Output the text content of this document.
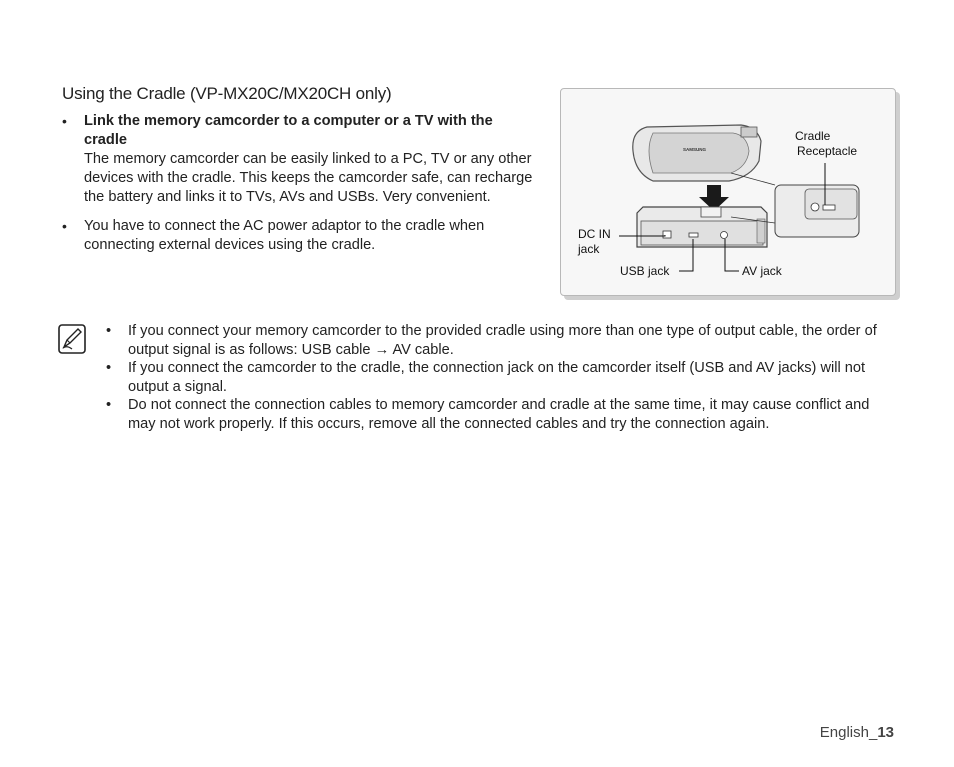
Using the Cradle (VP-MX20C/MX20CH only)
• Link the memory camcorder to a computer or a TV with the cradle
The memory camcorder can be easily linked to a PC, TV or any other devices with the cradle. This keeps the camcorder safe, can recharge the battery and links it to TVs, AVs and USBs. Very convenient.
• You have to connect the AC power adaptor to the cradle when connecting external devices using the cradle.
SAMSUNG
Cradle
Receptacle
DC IN
jack
USB jack	AV jack
• If you connect your memory camcorder to the provided cradle using more than one type of output cable, the order of output signal is as follows: USB cable → AV cable.
• If you connect the camcorder to the cradle, the connection jack on the camcorder itself (USB and AV jacks) will not output a signal.
• Do not connect the connection cables to memory camcorder and cradle at the same time, it may cause conflict and may not work properly. If this occurs, remove all the connected cables and try the connection again.
English_13
